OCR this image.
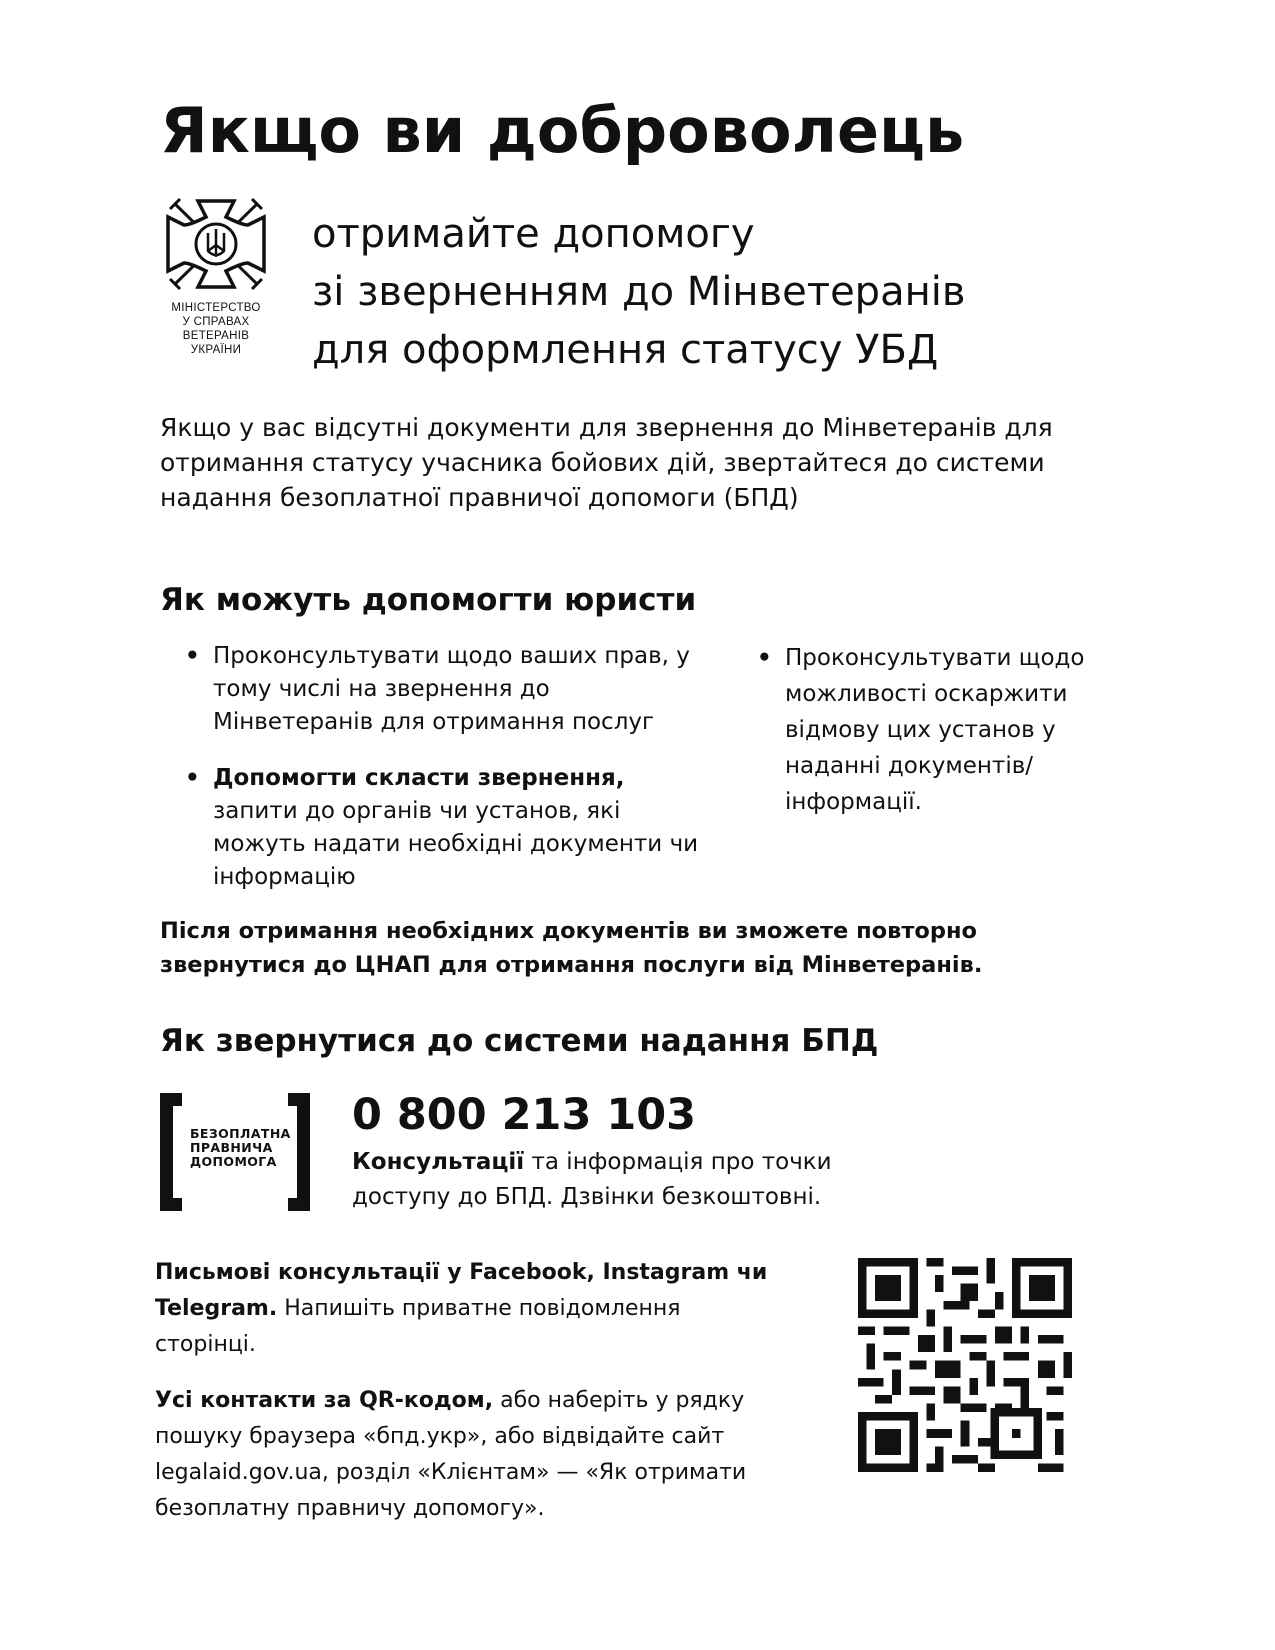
Якщо ви доброволець
МІНІСТЕРСТВО
У СПРАВАХ
ВЕТЕРАНІВ
УКРАЇНИ
отримайте допомогу
зі зверненням до Мінветеранів
для оформлення статусу УБД

Якщо у вас відсутні документи для звернення до Мінветеранів для отримання статусу учасника бойових дій, звертайтеся до системи надання безоплатної правничої допомоги (БПД)

Як можуть допомогти юристи
• Проконсультувати щодо ваших прав, у тому числі на звернення до Мінветеранів для отримання послуг
• Допомогти скласти звернення,
запити до органів чи установ, які можуть надати необхідні документи чи інформацію
• Проконсультувати щодо можливості оскаржити відмову цих установ у наданні документів/інформації.
Після отримання необхідних документів ви зможете повторно
звернутися до ЦНАП для отримання послуги від Мінветеранів.
Як звернутися до системи надання БПД
БЕЗОПЛАТНА
ПРАВНИЧА
ДОПОМОГА
0 800 213 103
Консультації та інформація про точки доступу до БПД. Дзвінки безкоштовні.
Письмові консультації у Facebook, Instagram чи Telegram. Напишіть приватне повідомлення сторінці.
Усі контакти за QR-кодом, або наберіть у рядку пошуку браузера «бпд.укр», або відвідайте сайт legalaid.gov.ua, розділ «Клієнтам» — «Як отримати безоплатну правничу допомогу».
